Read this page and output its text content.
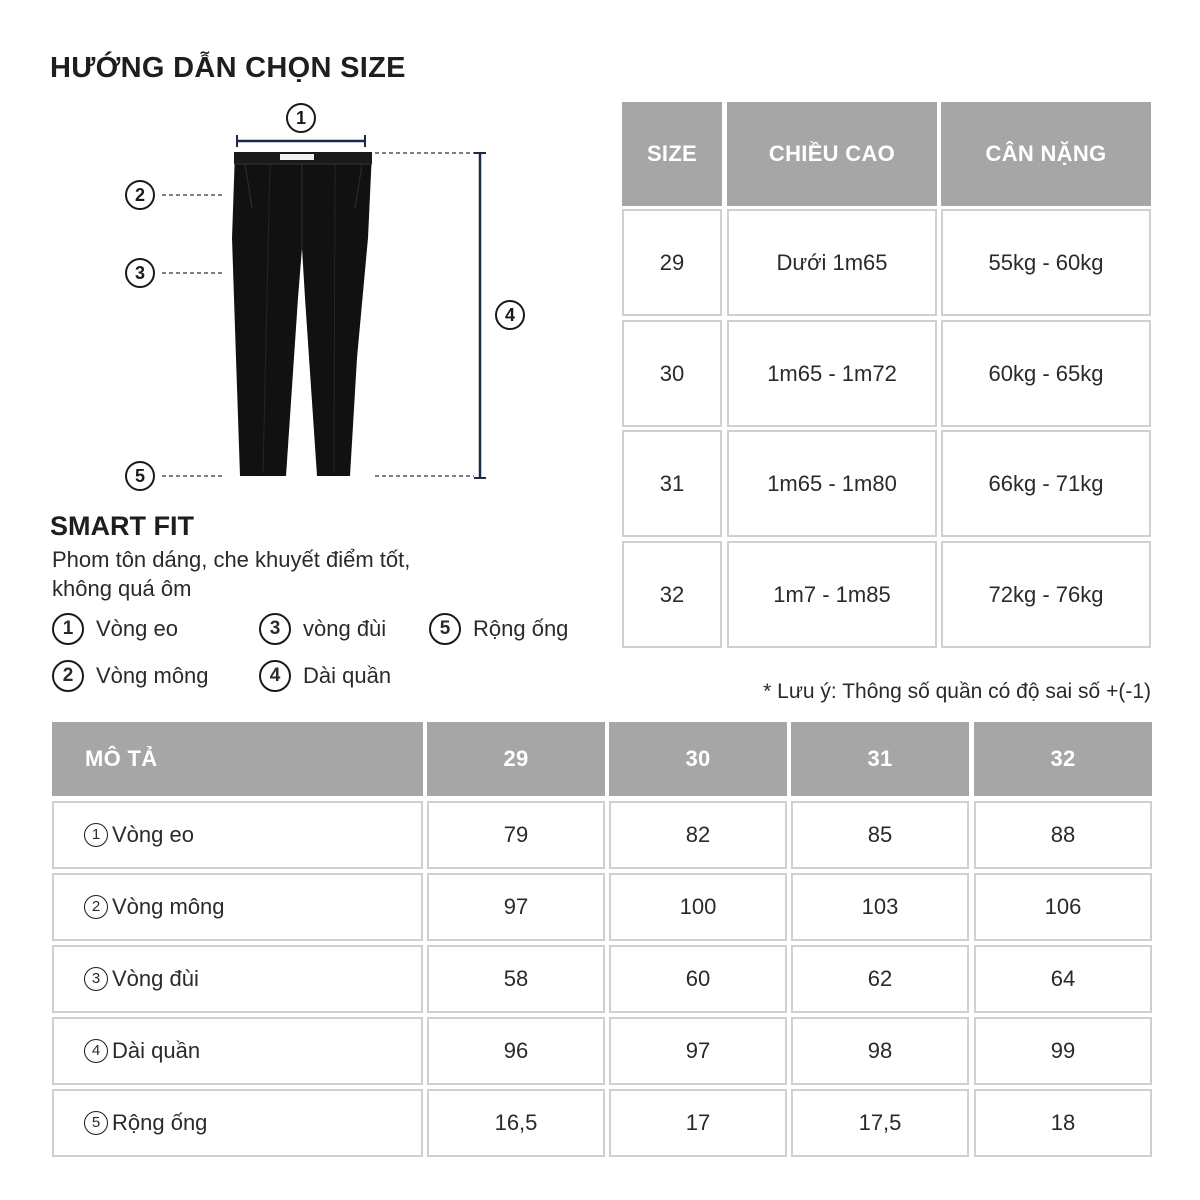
HƯỚNG DẪN CHỌN SIZE
1
2
3
4
5
SMART FIT
Phom tôn dáng, che khuyết điểm tốt,
không quá ôm
1	Vòng eo	3	vòng đùi	5	Rộng ống
2	Vòng mông	4	Dài quần
SIZE	CHIỀU CAO	CÂN NẶNG
29	Dưới 1m65	55kg - 60kg
30	1m65 - 1m72	60kg - 65kg
31	1m65 - 1m80	66kg - 71kg
32	1m7 - 1m85	72kg - 76kg
* Lưu ý: Thông số quần có độ sai số +(-1)
MÔ TẢ	29	30	31	32
1 Vòng eo	79	82	85	88
2 Vòng mông	97	100	103	106
3 Vòng đùi	58	60	62	64
4 Dài quần	96	97	98	99
5 Rộng ống	16,5	17	17,5	18
